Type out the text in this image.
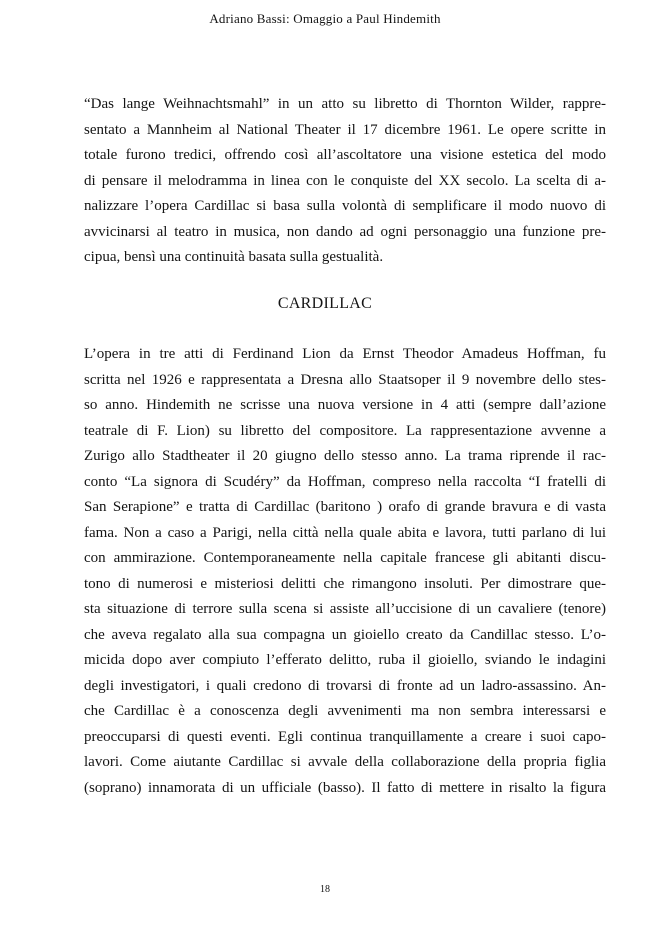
Adriano Bassi: Omaggio a Paul Hindemith
“Das lange Weihnachtsmahl” in un atto su libretto di Thornton Wilder, rappre-
sentato a Mannheim al National Theater il 17 dicembre 1961. Le opere scritte in
totale furono tredici, offrendo così all’ascoltatore una visione estetica del modo
di pensare il melodramma in linea con le conquiste del XX secolo. La scelta di a-
nalizzare l’opera Cardillac si basa sulla volontà di semplificare il modo nuovo di
avvicinarsi al teatro in musica, non dando ad ogni personaggio una funzione pre-
cipua, bensì una continuità basata sulla gestualità.
CARDILLAC
L’opera in tre atti di Ferdinand Lion da Ernst Theodor Amadeus Hoffman, fu
scritta nel 1926 e rappresentata a Dresna allo Staatsoper il 9 novembre dello stes-
so anno. Hindemith ne scrisse una nuova versione in 4 atti (sempre dall’azione
teatrale di F. Lion) su libretto del compositore. La rappresentazione avvenne a
Zurigo allo Stadtheater il 20 giugno dello stesso anno. La trama riprende il rac-
conto “La signora di Scudéry” da Hoffman, compreso nella raccolta “I fratelli di
San Serapione” e tratta di Cardillac (baritono ) orafo di grande bravura e di vasta
fama. Non a caso a Parigi, nella città nella quale abita e lavora, tutti parlano di lui
con ammirazione. Contemporaneamente nella capitale francese gli abitanti discu-
tono di numerosi e misteriosi delitti che rimangono insoluti. Per dimostrare que-
sta situazione di terrore sulla scena si assiste all’uccisione di un cavaliere (tenore)
che aveva regalato alla sua compagna un gioiello creato da Candillac stesso. L’o-
micida dopo aver compiuto l’efferato delitto, ruba il gioiello, sviando le indagini
degli investigatori, i quali credono di trovarsi di fronte ad un ladro-assassino. An-
che Cardillac è a conoscenza degli avvenimenti ma non sembra interessarsi e
preoccuparsi di questi eventi. Egli continua tranquillamente a creare i suoi capo-
lavori. Come aiutante Cardillac si avvale della collaborazione della propria figlia
(soprano) innamorata di un ufficiale (basso). Il fatto di mettere in risalto la figura
18
